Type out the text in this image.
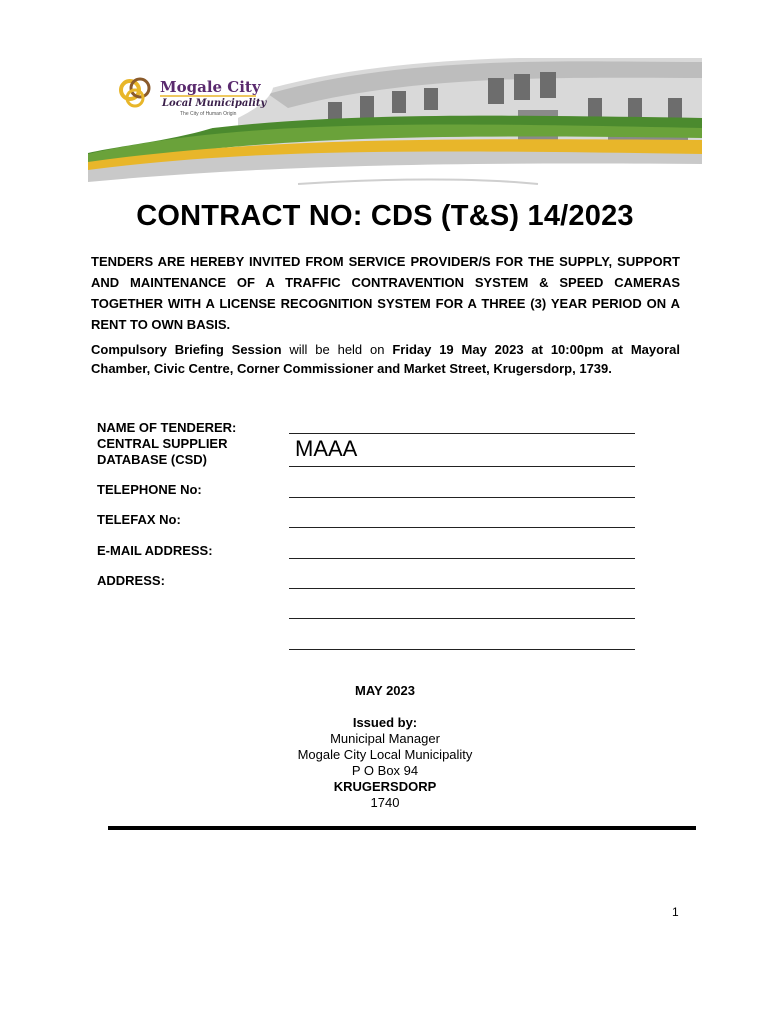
Mogale City
Local Municipality
The City of Human Origin
CONTRACT NO: CDS (T&S) 14/2023
TENDERS ARE HEREBY INVITED FROM SERVICE PROVIDER/S FOR THE SUPPLY, SUPPORT AND MAINTENANCE OF A TRAFFIC CONTRAVENTION SYSTEM & SPEED CAMERAS TOGETHER WITH A LICENSE RECOGNITION SYSTEM FOR A THREE (3) YEAR PERIOD ON A RENT TO OWN BASIS.
Compulsory Briefing Session will be held on Friday 19 May 2023 at 10:00pm at Mayoral Chamber, Civic Centre, Corner Commissioner and Market Street, Krugersdorp, 1739.
NAME OF TENDERER:
CENTRAL SUPPLIER
DATABASE (CSD)	MAAA
TELEPHONE No:
TELEFAX No:
E-MAIL ADDRESS:
ADDRESS:
MAY 2023
Issued by:
Municipal Manager
Mogale City Local Municipality
P O Box 94
KRUGERSDORP
1740
1
